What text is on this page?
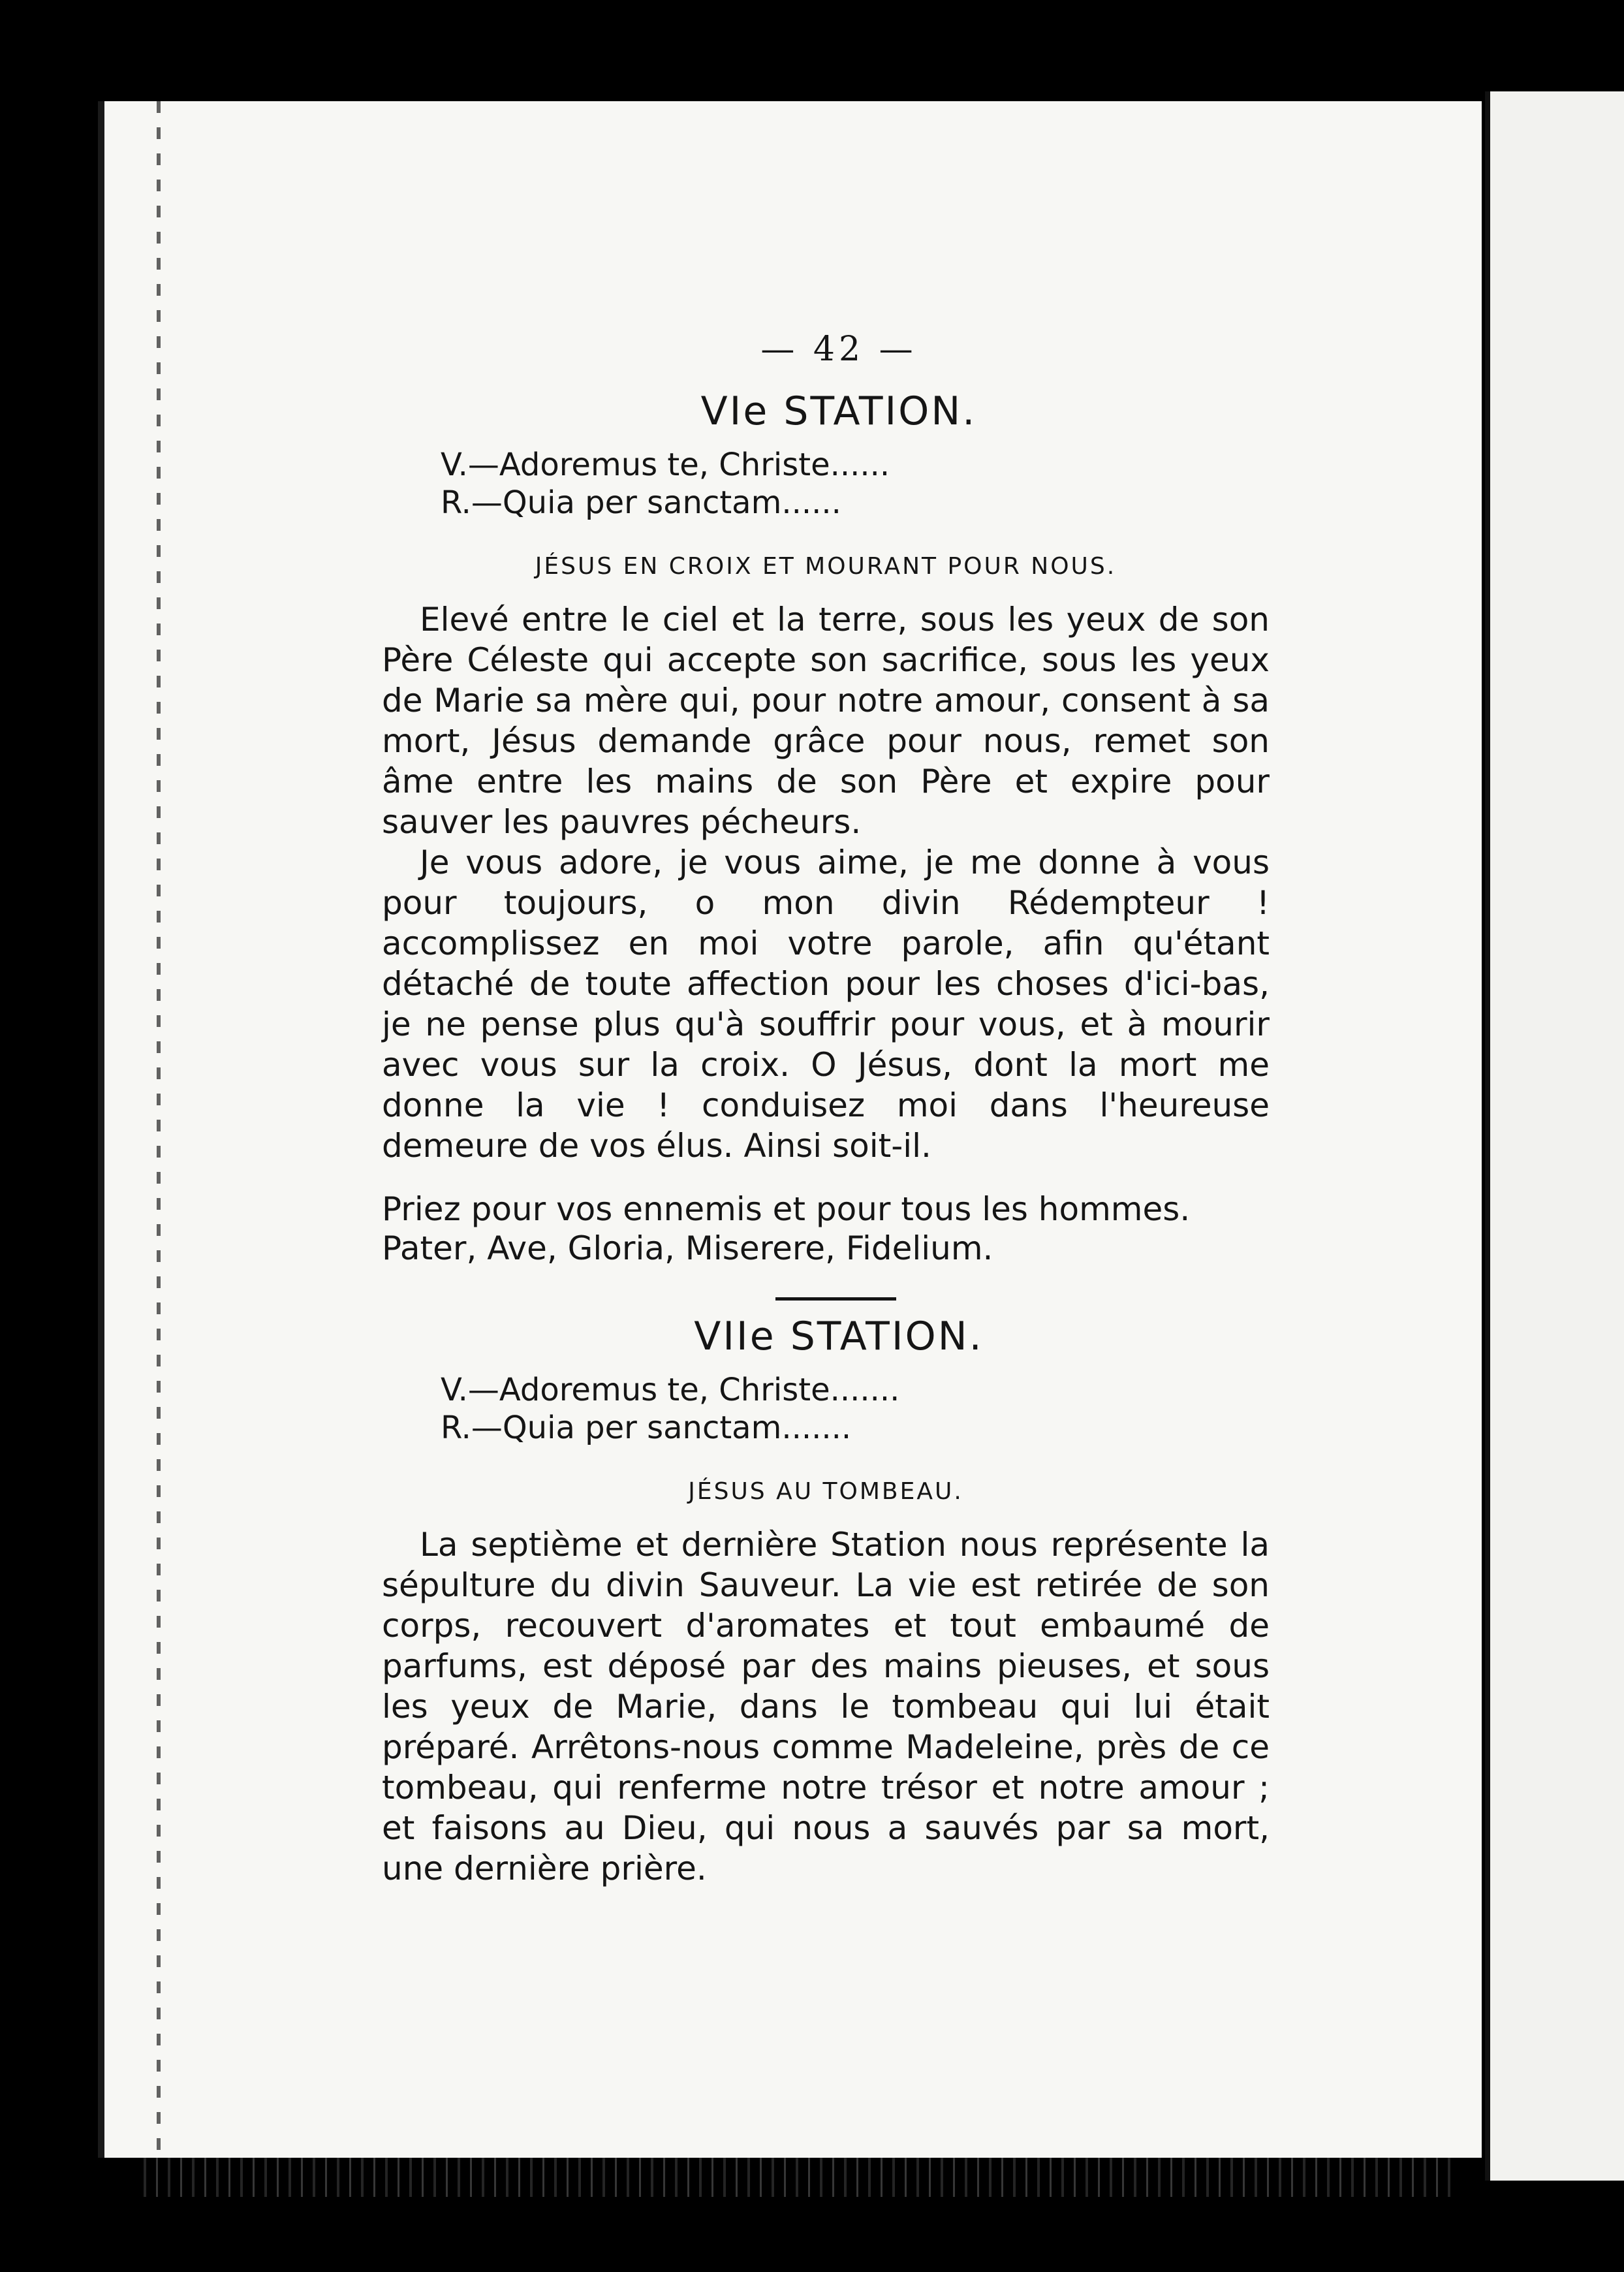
— 42 —

VIe STATION.

V.—Adoremus te, Christe......

R.—Quia per sanctam......

JÉSUS EN CROIX ET MOURANT POUR NOUS.

Elevé entre le ciel et la terre, sous les yeux de son Père Céleste qui accepte son sacrifice, sous les yeux de Marie sa mère qui, pour notre amour, consent à sa mort, Jésus demande grâce pour nous, remet son âme entre les mains de son Père et expire pour sauver les pauvres pécheurs.

Je vous adore, je vous aime, je me donne à vous pour toujours, o mon divin Rédempteur ! accomplissez en moi votre parole, afin qu'étant détaché de toute affection pour les choses d'ici-bas, je ne pense plus qu'à souffrir pour vous, et à mourir avec vous sur la croix. O Jésus, dont la mort me donne la vie ! conduisez moi dans l'heureuse demeure de vos élus. Ainsi soit-il.

Priez pour vos ennemis et pour tous les hommes.

Pater, Ave, Gloria, Miserere, Fidelium.

VIIe STATION.

V.—Adoremus te, Christe.......

R.—Quia per sanctam.......

JÉSUS AU TOMBEAU.

La septième et dernière Station nous représente la sépulture du divin Sauveur. La vie est retirée de son corps, recouvert d'aromates et tout embaumé de parfums, est déposé par des mains pieuses, et sous les yeux de Marie, dans le tombeau qui lui était préparé. Arrêtons-nous comme Madeleine, près de ce tombeau, qui renferme notre trésor et notre amour ; et faisons au Dieu, qui nous a sauvés par sa mort, une dernière prière.
